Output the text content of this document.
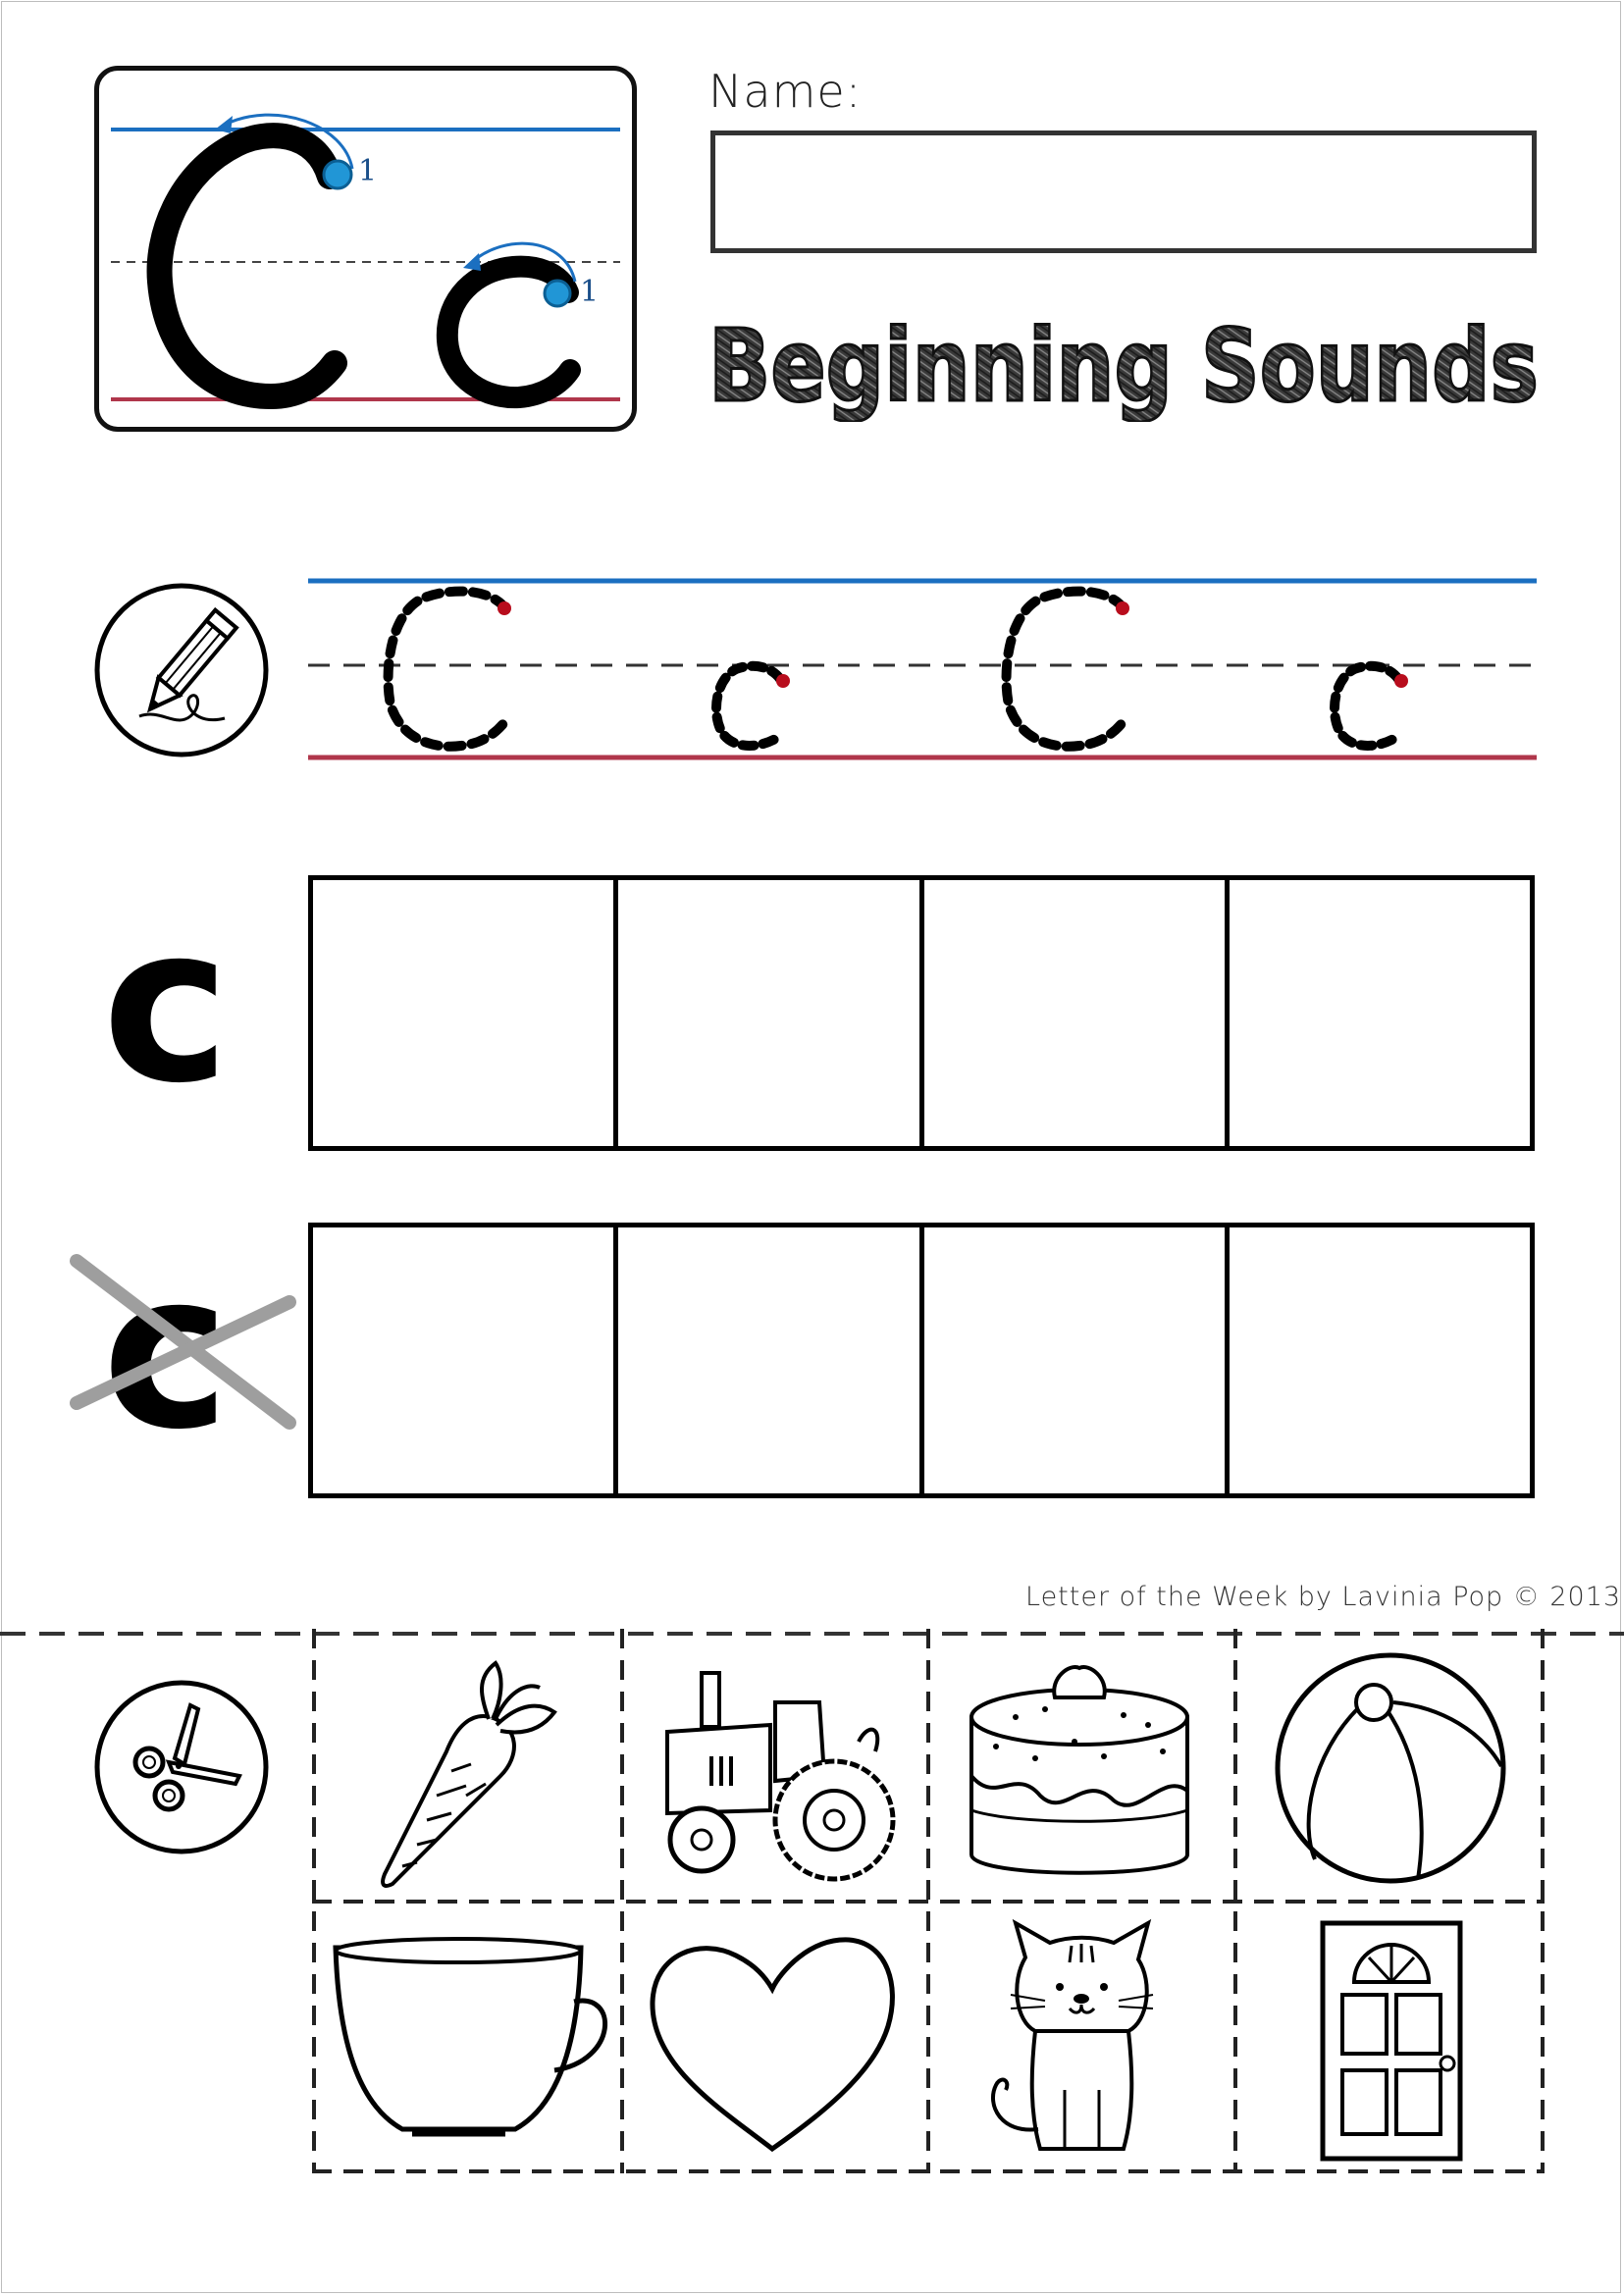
1
1
Name:
Beginning Sounds
c
c
Letter of the Week by Lavinia Pop © 2013
